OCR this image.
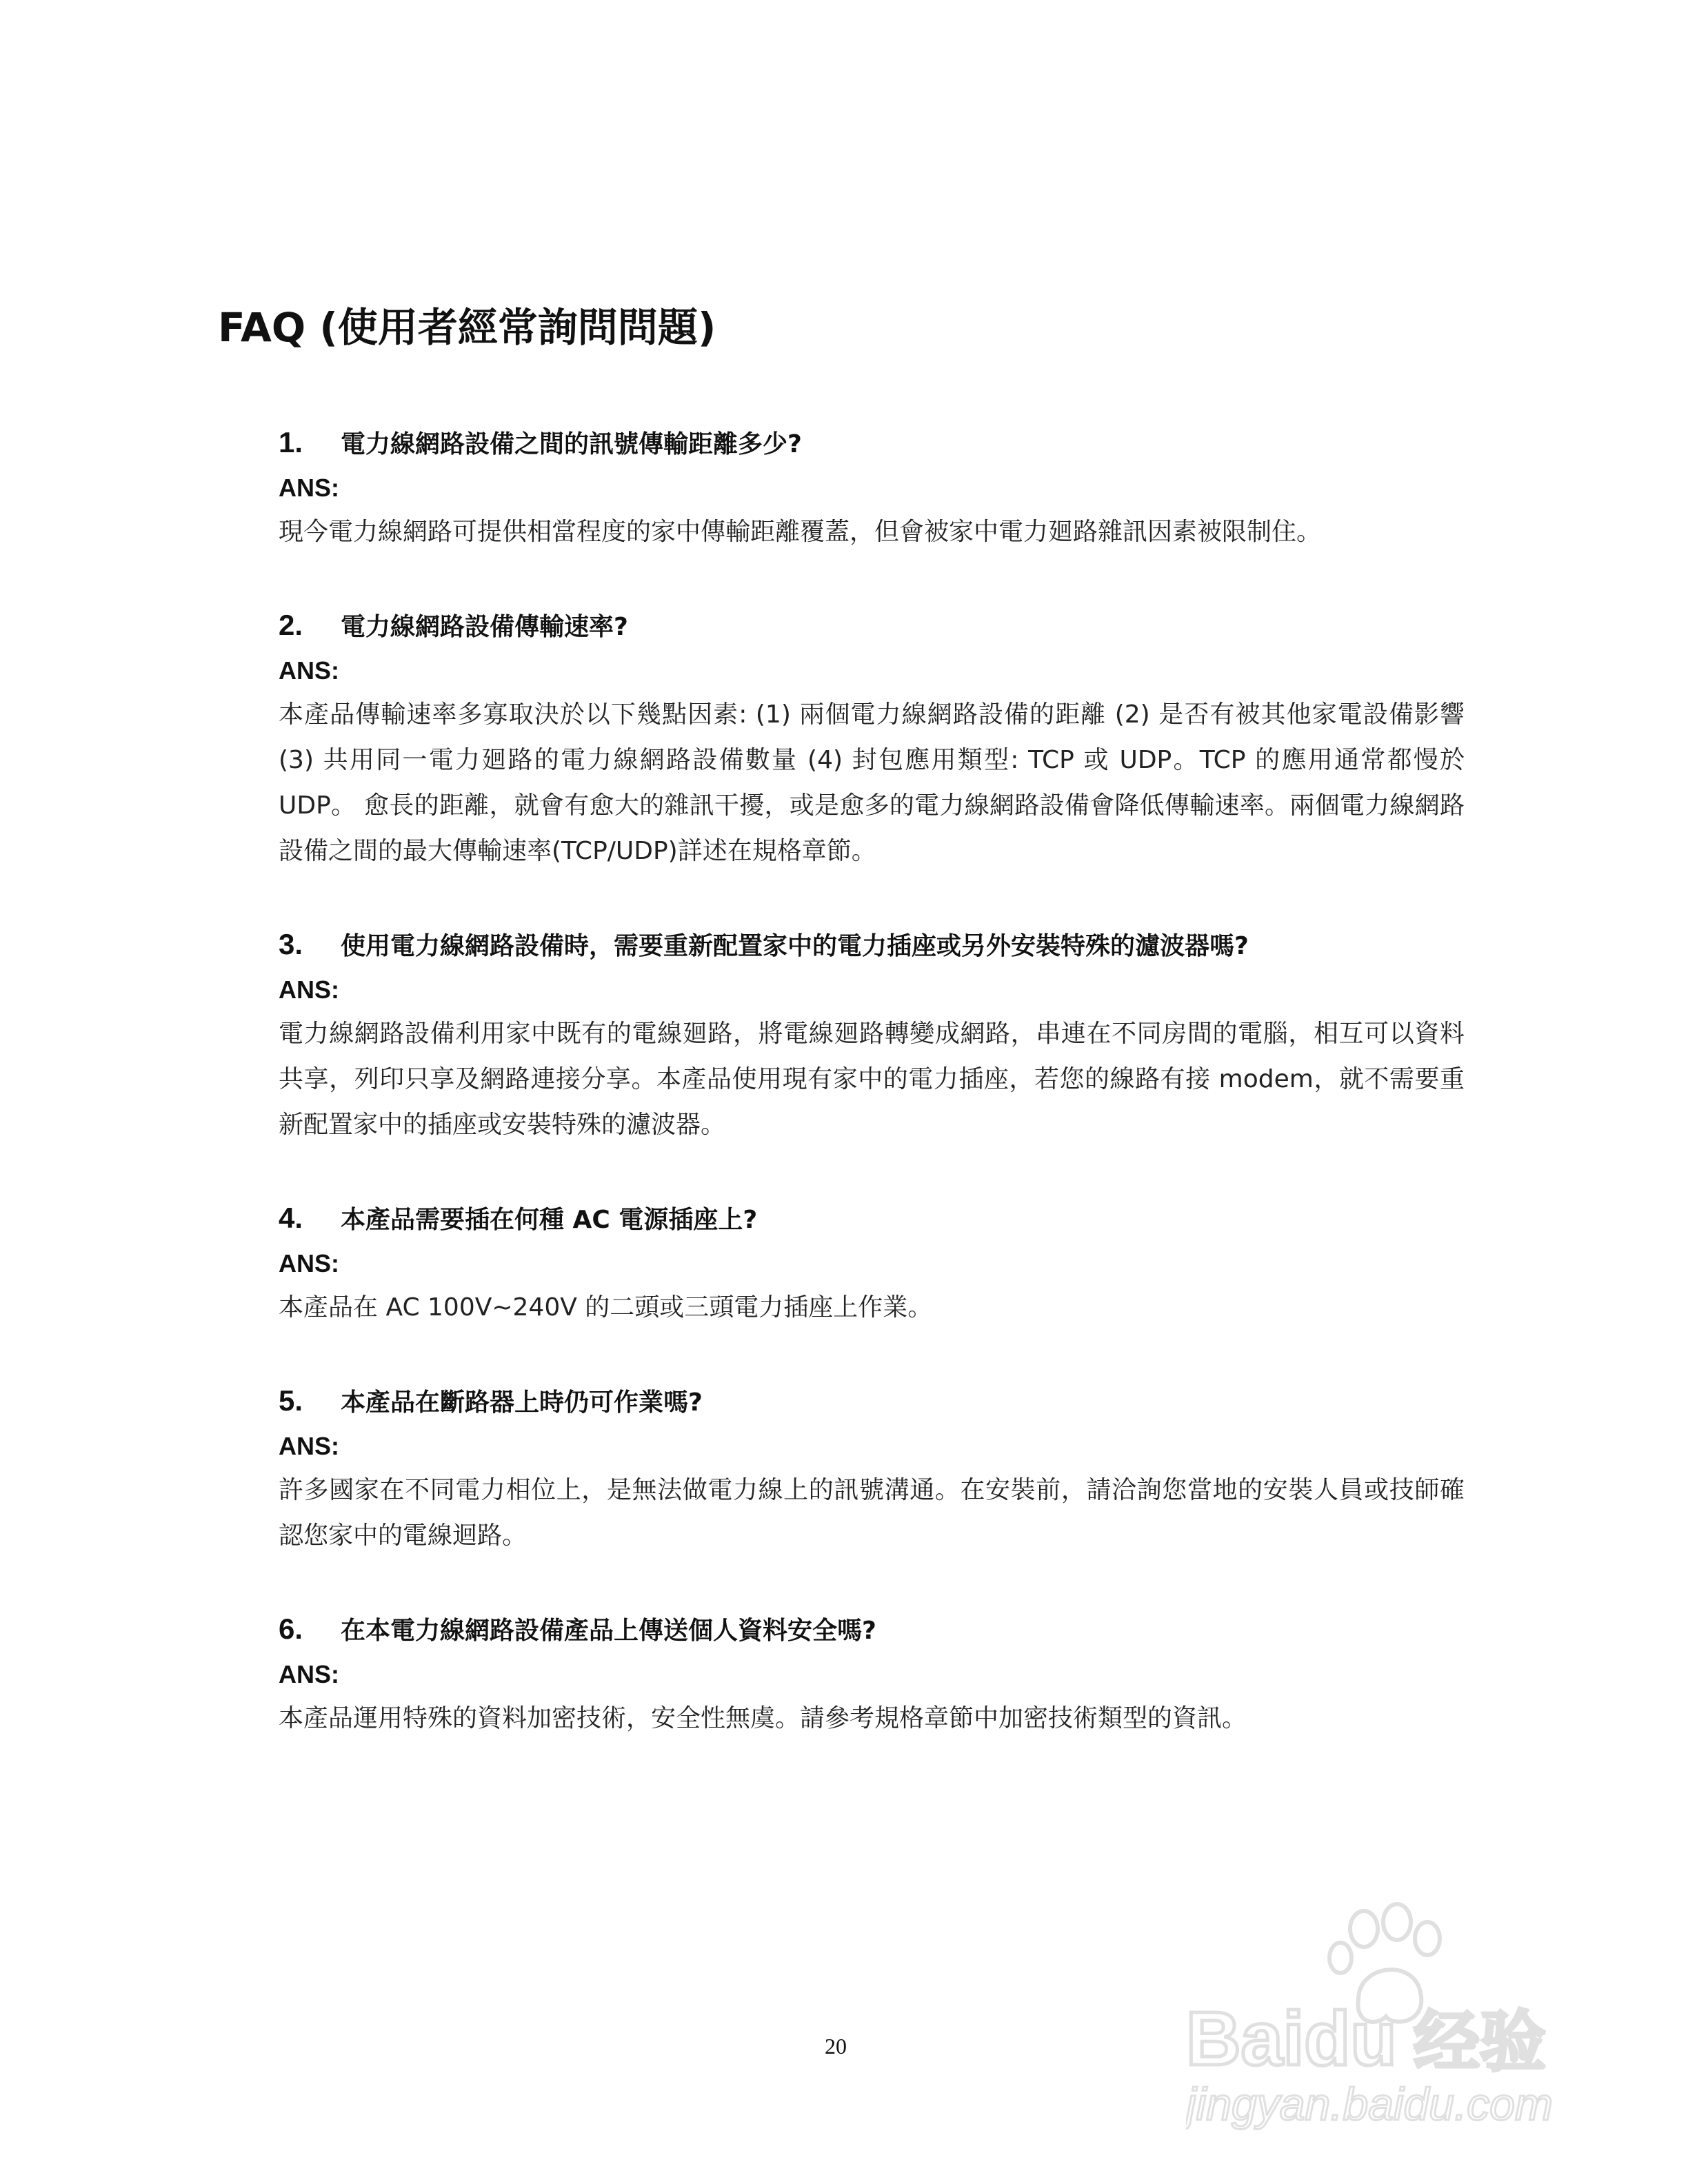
FAQ (使用者經常詢問問題)
1.	電力線網路設備之間的訊號傳輸距離多少?
ANS:
現今電力線網路可提供相當程度的家中傳輸距離覆蓋，但會被家中電力廻路雜訊因素被限制住。
2.	電力線網路設備傳輸速率?
ANS:
本產品傳輸速率多寡取決於以下幾點因素: (1) 兩個電力線網路設備的距離 (2) 是否有被其他家電設備影響 (3) 共用同一電力廻路的電力線網路設備數量 (4) 封包應用類型: TCP 或 UDP。TCP 的應用通常都慢於 UDP。 愈長的距離，就會有愈大的雜訊干擾，或是愈多的電力線網路設備會降低傳輸速率。兩個電力線網路設備之間的最大傳輸速率(TCP/UDP)詳述在規格章節。
3.	使用電力線網路設備時，需要重新配置家中的電力插座或另外安裝特殊的濾波器嗎?
ANS:
電力線網路設備利用家中既有的電線廻路，將電線廻路轉變成網路，串連在不同房間的電腦，相互可以資料共享，列印只享及網路連接分享。本產品使用現有家中的電力插座，若您的線路有接 modem，就不需要重新配置家中的插座或安裝特殊的濾波器。
4.	本產品需要插在何種 AC 電源插座上?
ANS:
本產品在 AC 100V~240V 的二頭或三頭電力插座上作業。
5.	本產品在斷路器上時仍可作業嗎?
ANS:
許多國家在不同電力相位上，是無法做電力線上的訊號溝通。在安裝前，請洽詢您當地的安裝人員或技師確認您家中的電線迴路。
6.	在本電力線網路設備產品上傳送個人資料安全嗎?
ANS:
本產品運用特殊的資料加密技術，安全性無虞。請參考規格章節中加密技術類型的資訊。
20	Baidu 经验
jingyan.baidu.com
